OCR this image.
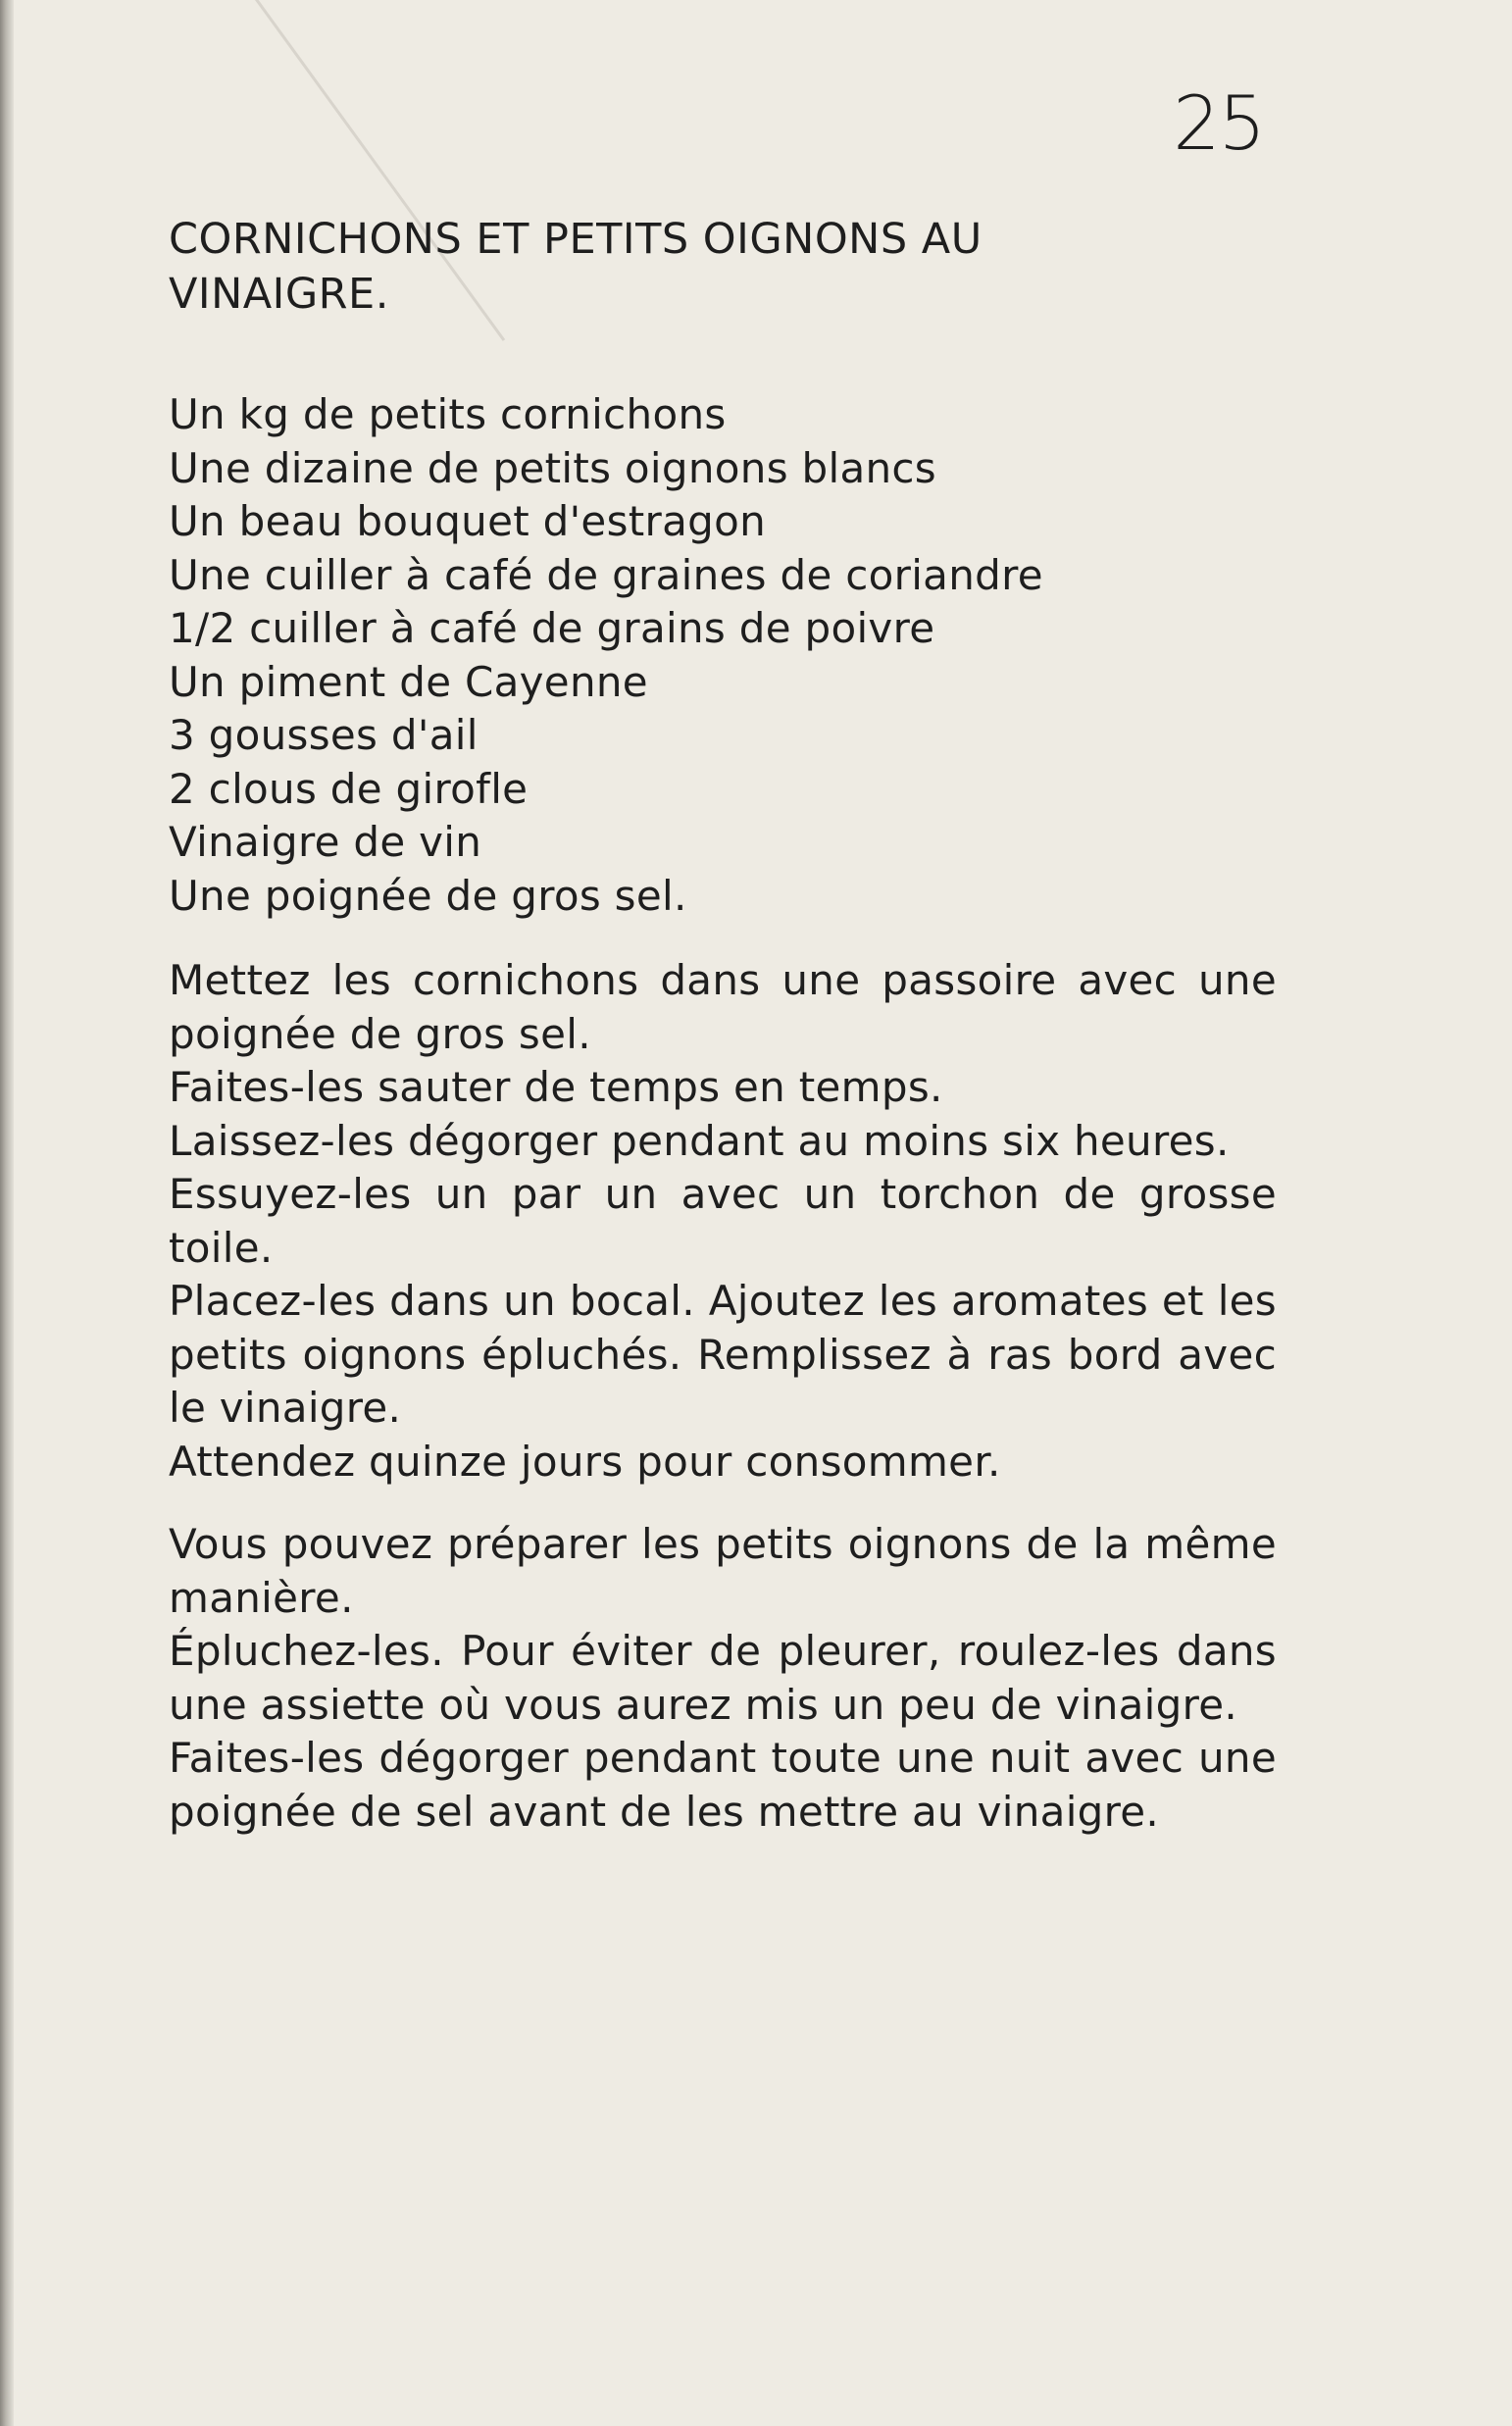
25
CORNICHONS ET PETITS OIGNONS AU
VINAIGRE.
Un kg de petits cornichons
Une dizaine de petits oignons blancs
Un beau bouquet d'estragon
Une cuiller à café de graines de coriandre
1/2 cuiller à café de grains de poivre
Un piment de Cayenne
3 gousses d'ail
2 clous de girofle
Vinaigre de vin
Une poignée de gros sel.

Mettez les cornichons dans une passoire avec une poignée de gros sel.

Faites-les sauter de temps en temps.

Laissez-les dégorger pendant au moins six heures.

Essuyez-les un par un avec un torchon de grosse toile.

Placez-les dans un bocal. Ajoutez les aromates et les petits oignons épluchés. Remplissez à ras bord avec le vinaigre.

Attendez quinze jours pour consommer.

Vous pouvez préparer les petits oignons de la même manière.

Épluchez-les. Pour éviter de pleurer, roulez-les dans une assiette où vous aurez mis un peu de vinaigre.

Faites-les dégorger pendant toute une nuit avec une poignée de sel avant de les mettre au vinaigre.
